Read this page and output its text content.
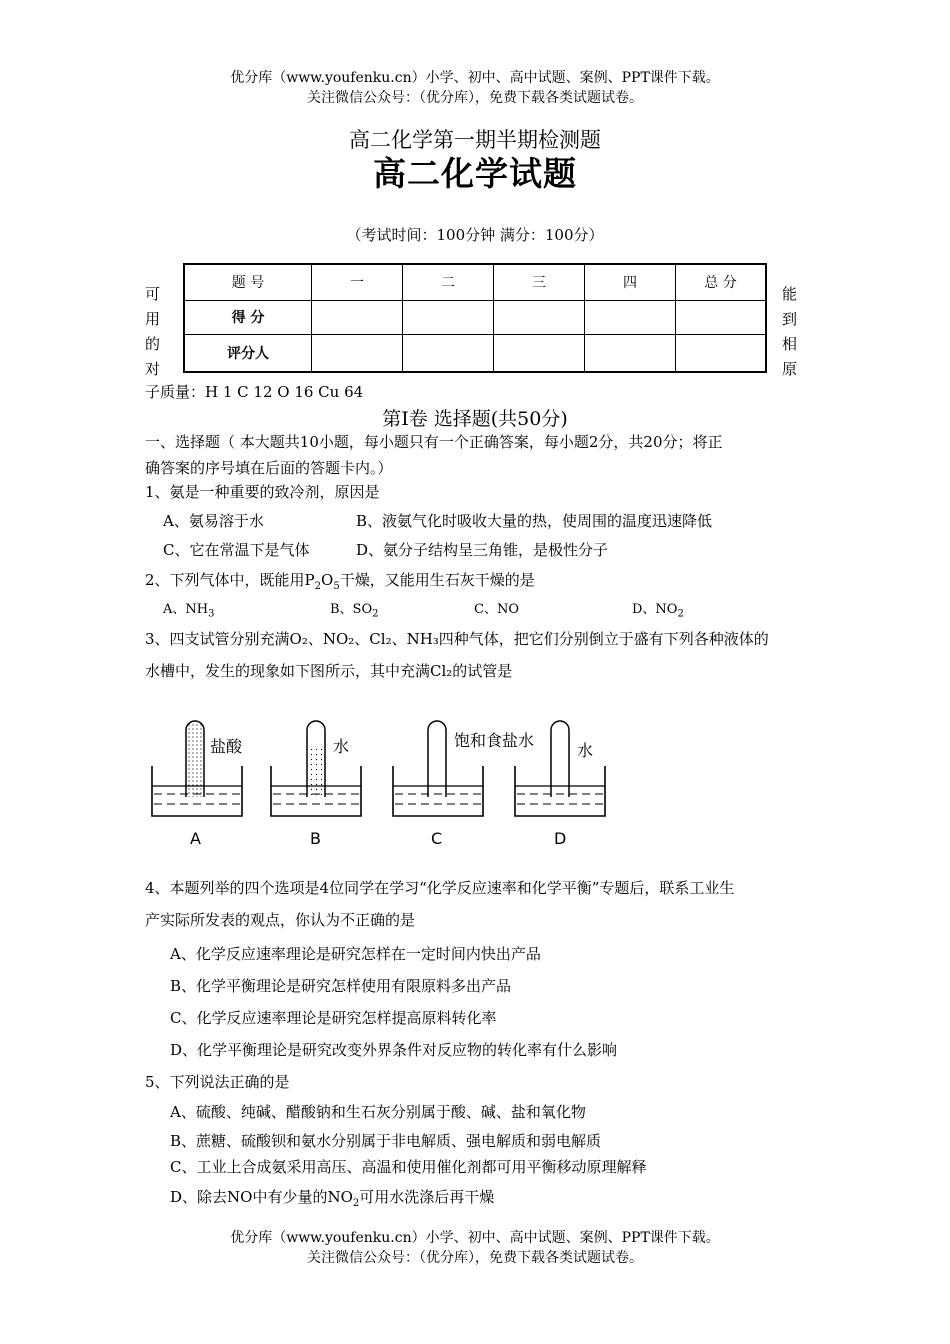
优分库（www.youfenku.cn）小学、初中、高中试题、案例、PPT课件下载。
关注微信公众号：（优分库），免费下载各类试题试卷。
高二化学第一期半期检测题
高二化学试题
（考试时间：100分钟 满分：100分）
可
用
的
对
能
到
相
原
题 号	一	二	三	四	总 分
得 分					
评分人					
子质量：H 1 C 12 O 16 Cu 64
第Ⅰ卷 选择题(共50分)
一、选择题（ 本大题共10小题，每小题只有一个正确答案，每小题2分，共20分；将正
确答案的序号填在后面的答题卡内。）
1、氨是一种重要的致冷剂，原因是
A、氨易溶于水	B、液氨气化时吸收大量的热，使周围的温度迅速降低
C、它在常温下是气体	D、氨分子结构呈三角锥，是极性分子
2、下列气体中，既能用$P_2O_5$干燥，又能用生石灰干燥的是
A、$NH_3$	B、$SO_2$	C、NO	D、$NO_2$
3、四支试管分别充满O₂、NO₂、Cl₂、NH₃四种气体，把它们分别倒立于盛有下列各种液体的
水槽中，发生的现象如下图所示，其中充满Cl₂的试管是
盐酸
A
水
B
饱和食盐水
C
水
D
4、本题列举的四个选项是4位同学在学习“化学反应速率和化学平衡”专题后，联系工业生
产实际所发表的观点，你认为不正确的是
A、化学反应速率理论是研究怎样在一定时间内快出产品
B、化学平衡理论是研究怎样使用有限原料多出产品
C、化学反应速率理论是研究怎样提高原料转化率
D、化学平衡理论是研究改变外界条件对反应物的转化率有什么影响
5、下列说法正确的是
A、硫酸、纯碱、醋酸钠和生石灰分别属于酸、碱、盐和氧化物
B、蔗糖、硫酸钡和氨水分别属于非电解质、强电解质和弱电解质
C、工业上合成氨采用高压、高温和使用催化剂都可用平衡移动原理解释
D、除去NO中有少量的$NO_2$可用水洗涤后再干燥
优分库（www.youfenku.cn）小学、初中、高中试题、案例、PPT课件下载。
关注微信公众号：（优分库），免费下载各类试题试卷。
